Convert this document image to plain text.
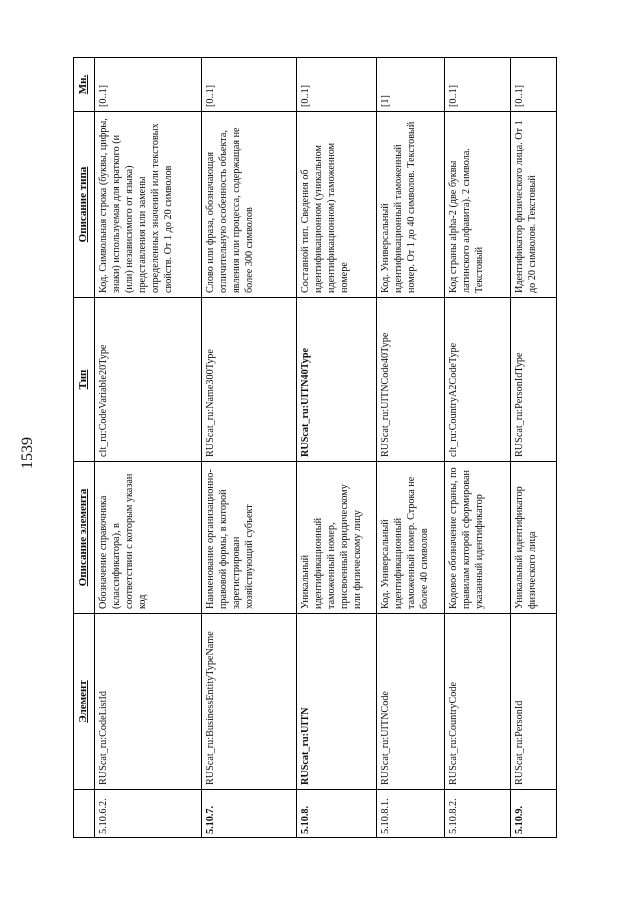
1539
	Элемент	Описание элемента	Тип	Описание типа	Мн.
5.10.6.2.	RUScat_ru:CodeListId	Обозначение справочника (классификатора), в соответствии с которым указан код	clt_ru:CodeVariable20Type	Код. Символьная строка (буквы, цифры, знаки) используемая для краткого (и (или) независимого от языка) представления или замены определенных значений или текстовых свойств. От 1 до 20 символов	[0..1]
5.10.7.	RUScat_ru:BusinessEntityTypeName	Наименование организационно-правовой формы, в которой зарегистрирован хозяйствующий субъект	RUScat_ru:Name300Type	Слово или фраза, обозначающая отличительную особенность объекта, явления или процесса, содержащая не более 300 символов	[0..1]
5.10.8.	RUScat_ru:UITN	Уникальный идентификационный таможенный номер, присвоенный юридическому или физическому лицу	RUScat_ru:UITN40Type	Составной тип. Сведения об идентификационном (уникальном идентификационном) таможенном номере	[0..1]
5.10.8.1.	RUScat_ru:UITNCode	Код. Универсальный идентификационный таможенный номер. Строка не более 40 символов	RUScat_ru:UITNCode40Type	Код. Универсальный идентификационный таможенный номер. От 1 до 40 символов. Текстовый	[1]
5.10.8.2.	RUScat_ru:CountryCode	Кодовое обозначение страны, по правилам которой сформирован указанный идентификатор	clt_ru:CountryA2CodeType	Код страны alpha-2 (две буквы латинского алфавита). 2 символа. Текстовый	[0..1]
5.10.9.	RUScat_ru:PersonId	Уникальный идентификатор физического лица	RUScat_ru:PersonIdType	Идентификатор физического лица. От 1 до 20 символов. Текстовый	[0..1]
